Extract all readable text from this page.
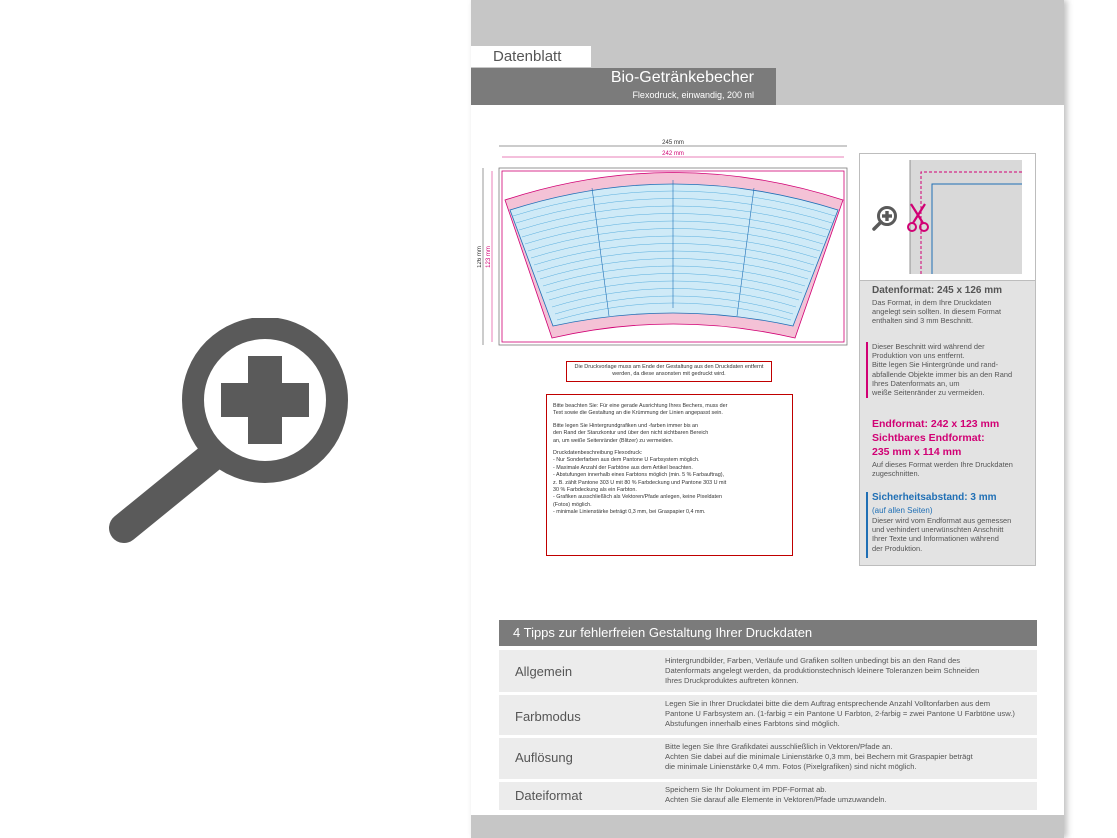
Datenblatt
Bio-Getränkebecher
Flexodruck, einwandig, 200 ml
245 mm
242 mm
126 mm 123 mm
Die Druckvorlage muss am Ende der Gestaltung aus den Druckdaten entfernt werden, da diese ansonsten mit gedruckt wird.

Bitte beachten Sie: Für eine gerade Ausrichtung Ihres Bechers, muss der
Text sowie die Gestaltung an die Krümmung der Linien angepasst sein.

Bitte legen Sie Hintergrundgrafiken und -farben immer bis an
den Rand der Stanzkontur und über den nicht sichtbaren Bereich
an, um weiße Seitenränder (Blitzer) zu vermeiden.

Druckdatenbeschreibung Flexodruck:
- Nur Sonderfarben aus dem Pantone U Farbsystem möglich.
- Maximale Anzahl der Farbtöne aus dem Artikel beachten.
- Abstufungen innerhalb eines Farbtons möglich (min. 5 % Farbauftrag),
z. B. zählt Pantone 303 U mit 80 % Farbdeckung und Pantone 303 U mit
30 % Farbdeckung als ein Farbton.
- Grafiken ausschließlich als Vektoren/Pfade anlegen, keine Pixeldaten
(Fotos) möglich.
- minimale Linienstärke beträgt 0,3 mm, bei Graspapier 0,4 mm.

Datenformat: 245 x 126 mm

Das Format, in dem Ihre Druckdaten
angelegt sein sollten. In diesem Format
enthalten sind 3 mm Beschnitt.

Dieser Beschnitt wird während der
Produktion von uns entfernt.
Bitte legen Sie Hintergründe und rand-
abfallende Objekte immer bis an den Rand
Ihres Datenformats an, um
weiße Seitenränder zu vermeiden.

Endformat: 242 x 123 mm
Sichtbares Endformat:
235 mm x 114 mm

Auf dieses Format werden Ihre Druckdaten
zugeschnitten.

Sicherheitsabstand: 3 mm
(auf allen Seiten)

Dieser wird vom Endformat aus gemessen
und verhindert unerwünschten Anschnitt
Ihrer Texte und Informationen während
der Produktion.

4 Tipps zur fehlerfreien Gestaltung Ihrer Druckdaten
Allgemein

Hintergrundbilder, Farben, Verläufe und Grafiken sollten unbedingt bis an den Rand des
Datenformats angelegt werden, da produktionstechnisch kleinere Toleranzen beim Schneiden
Ihres Druckproduktes auftreten können.

Farbmodus

Legen Sie in Ihrer Druckdatei bitte die dem Auftrag entsprechende Anzahl Volltonfarben aus dem
Pantone U Farbsystem an. (1-farbig = ein Pantone U Farbton, 2-farbig = zwei Pantone U Farbtöne usw.)
Abstufungen innerhalb eines Farbtons sind möglich.

Auflösung

Bitte legen Sie Ihre Grafikdatei ausschließlich in Vektoren/Pfade an.
Achten Sie dabei auf die minimale Linienstärke 0,3 mm, bei Bechern mit Graspapier beträgt
die minimale Linienstärke 0,4 mm. Fotos (Pixelgrafiken) sind nicht möglich.

Dateiformat	Speichern Sie Ihr Dokument im PDF-Format ab.
Achten Sie darauf alle Elemente in Vektoren/Pfade umzuwandeln.
